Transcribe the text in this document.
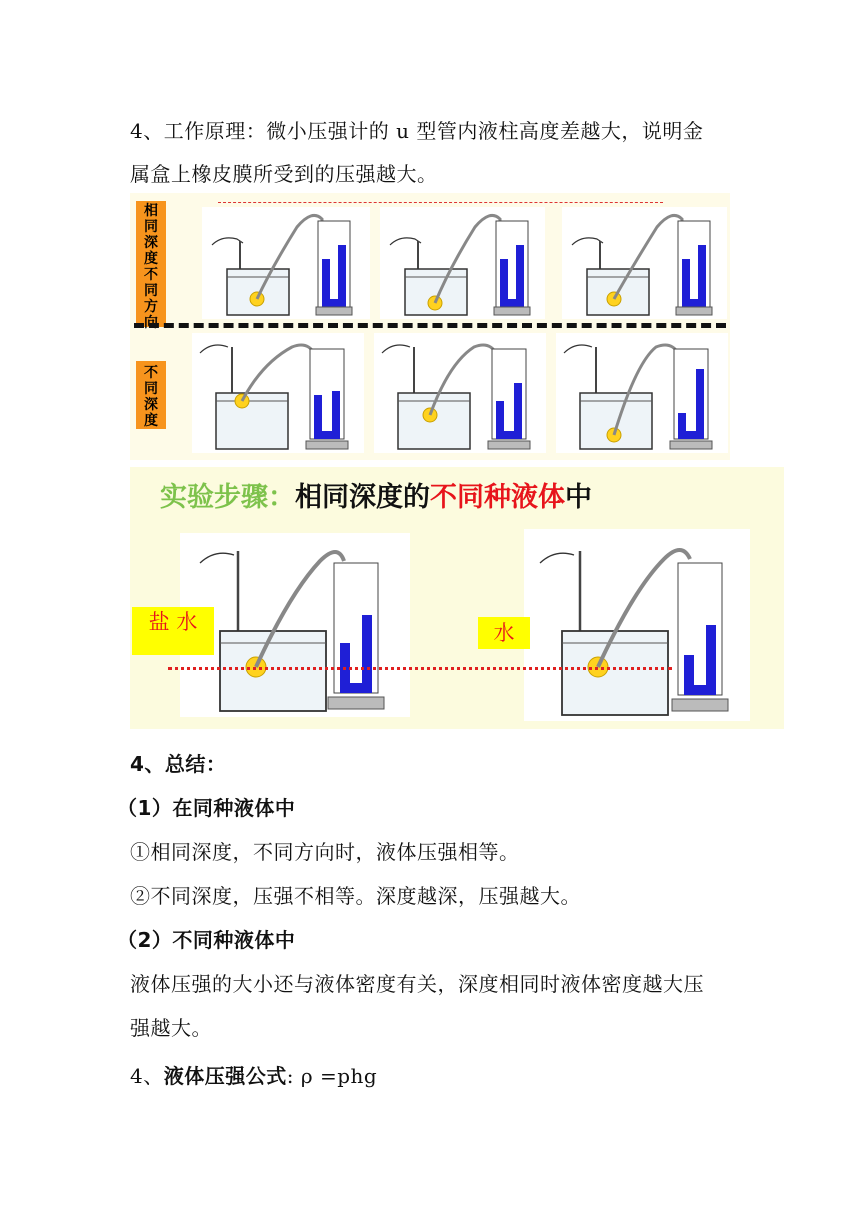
4、工作原理：微小压强计的 u 型管内液柱高度差越大，说明金
属盒上橡皮膜所受到的压强越大。
相
同
深
度
不
同
方
向
不
同
深
度
实验步骤：相同深度的不同种液体中
盐 水	水
4、总结：
（1）在同种液体中
①相同深度，不同方向时，液体压强相等。
②不同深度，压强不相等。深度越深，压强越大。
（2）不同种液体中
液体压强的大小还与液体密度有关，深度相同时液体密度越大压
强越大。
4、液体压强公式: ρ =phg
